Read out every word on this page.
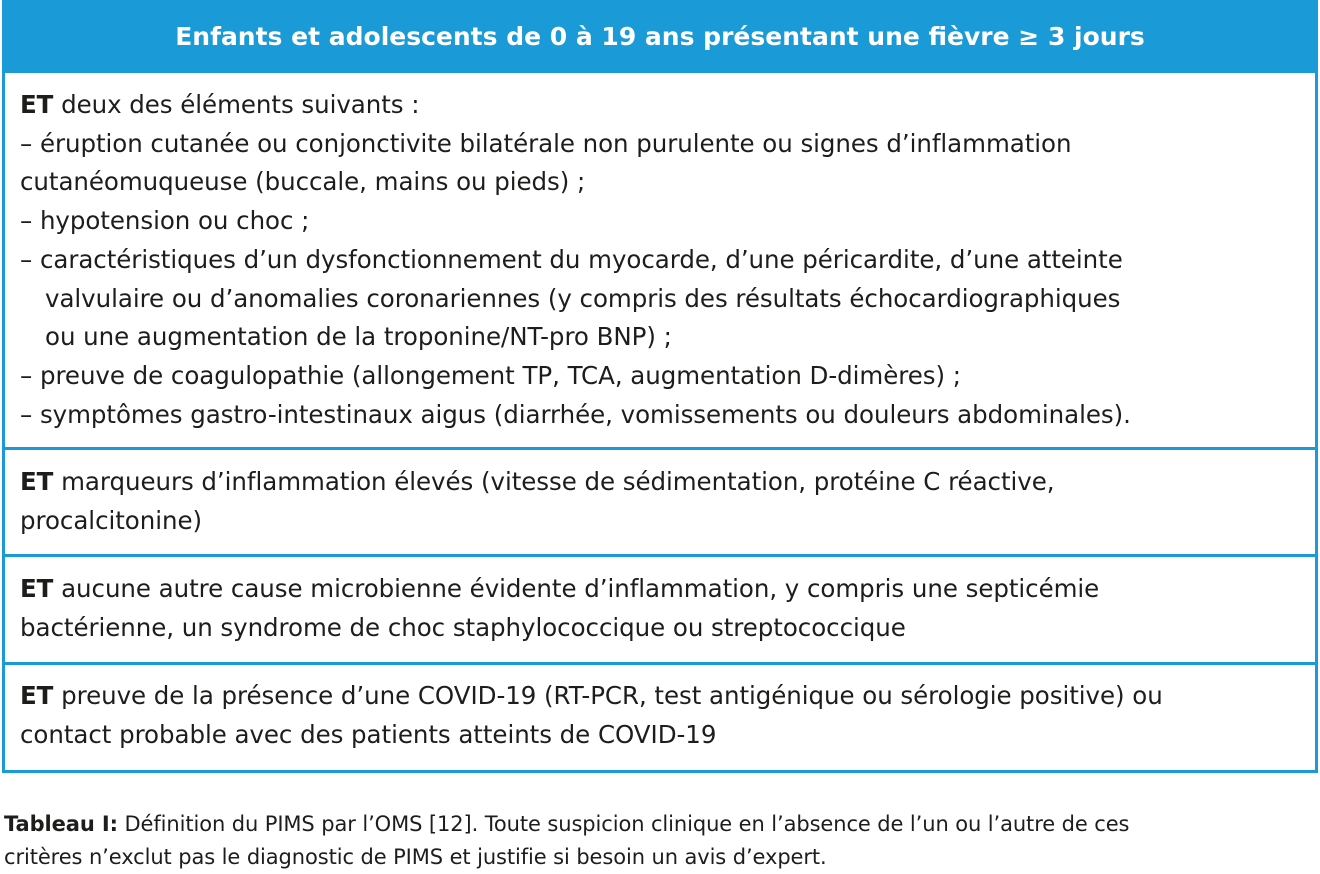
Enfants et adolescents de 0 à 19 ans présentant une fièvre ≥ 3 jours
ET deux des éléments suivants :
– éruption cutanée ou conjonctivite bilatérale non purulente ou signes d’inflammation
cutanéomuqueuse (buccale, mains ou pieds) ;
– hypotension ou choc ;
– caractéristiques d’un dysfonctionnement du myocarde, d’une péricardite, d’une atteinte
valvulaire ou d’anomalies coronariennes (y compris des résultats échocardiographiques
ou une augmentation de la troponine/NT-pro BNP) ;
– preuve de coagulopathie (allongement TP, TCA, augmentation D-dimères) ;
– symptômes gastro-intestinaux aigus (diarrhée, vomissements ou douleurs abdominales).
ET marqueurs d’inflammation élevés (vitesse de sédimentation, protéine C réactive,
procalcitonine)
ET aucune autre cause microbienne évidente d’inflammation, y compris une septicémie
bactérienne, un syndrome de choc staphylococcique ou streptococcique
ET preuve de la présence d’une COVID-19 (RT-PCR, test antigénique ou sérologie positive) ou
contact probable avec des patients atteints de COVID-19
Tableau I: Définition du PIMS par l’OMS [12]. Toute suspicion clinique en l’absence de l’un ou l’autre de ces
critères n’exclut pas le diagnostic de PIMS et justifie si besoin un avis d’expert.
